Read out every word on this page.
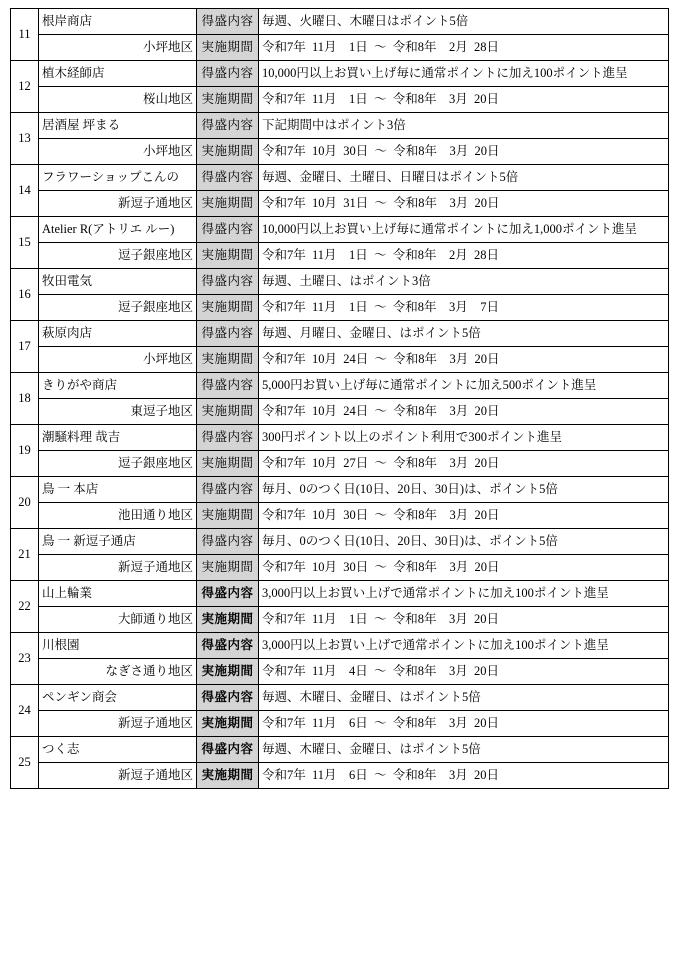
11	根岸商店	得盛内容	毎週、火曜日、木曜日はポイント5倍
	小坪地区	実施期間	令和7年  11月    1日  ～  令和8年    2月  28日
12	植木経師店	得盛内容	10,000円以上お買い上げ毎に通常ポイントに加え100ポイント進呈
	桜山地区	実施期間	令和7年  11月    1日  ～  令和8年    3月  20日
13	居酒屋 坪まる	得盛内容	下記期間中はポイント3倍
	小坪地区	実施期間	令和7年  10月  30日  ～  令和8年    3月  20日
14	フラワーショップこんの	得盛内容	毎週、金曜日、土曜日、日曜日はポイント5倍
	新逗子通地区	実施期間	令和7年  10月  31日  ～  令和8年    3月  20日
15	Atelier R(アトリエ ルー)	得盛内容	10,000円以上お買い上げ毎に通常ポイントに加え1,000ポイント進呈
	逗子銀座地区	実施期間	令和7年  11月    1日  ～  令和8年    2月  28日
16	牧田電気	得盛内容	毎週、土曜日、はポイント3倍
	逗子銀座地区	実施期間	令和7年  11月    1日  ～  令和8年    3月    7日
17	萩原肉店	得盛内容	毎週、月曜日、金曜日、はポイント5倍
	小坪地区	実施期間	令和7年  10月  24日  ～  令和8年    3月  20日
18	きりがや商店	得盛内容	5,000円お買い上げ毎に通常ポイントに加え500ポイント進呈
	東逗子地区	実施期間	令和7年  10月  24日  ～  令和8年    3月  20日
19	潮騒料理 哉吉	得盛内容	300円ポイント以上のポイント利用で300ポイント進呈
	逗子銀座地区	実施期間	令和7年  10月  27日  ～  令和8年    3月  20日
20	鳥 一 本店	得盛内容	毎月、0のつく日(10日、20日、30日)は、ポイント5倍
	池田通り地区	実施期間	令和7年  10月  30日  ～  令和8年    3月  20日
21	鳥 一 新逗子通店	得盛内容	毎月、0のつく日(10日、20日、30日)は、ポイント5倍
	新逗子通地区	実施期間	令和7年  10月  30日  ～  令和8年    3月  20日
22	山上輪業	得盛内容	3,000円以上お買い上げで通常ポイントに加え100ポイント進呈
	大師通り地区	実施期間	令和7年  11月    1日  ～  令和8年    3月  20日
23	川根園	得盛内容	3,000円以上お買い上げで通常ポイントに加え100ポイント進呈
	なぎさ通り地区	実施期間	令和7年  11月    4日  ～  令和8年    3月  20日
24	ペンギン商会	得盛内容	毎週、木曜日、金曜日、はポイント5倍
	新逗子通地区	実施期間	令和7年  11月    6日  ～  令和8年    3月  20日
25	つく志	得盛内容	毎週、木曜日、金曜日、はポイント5倍
	新逗子通地区	実施期間	令和7年  11月    6日  ～  令和8年    3月  20日
